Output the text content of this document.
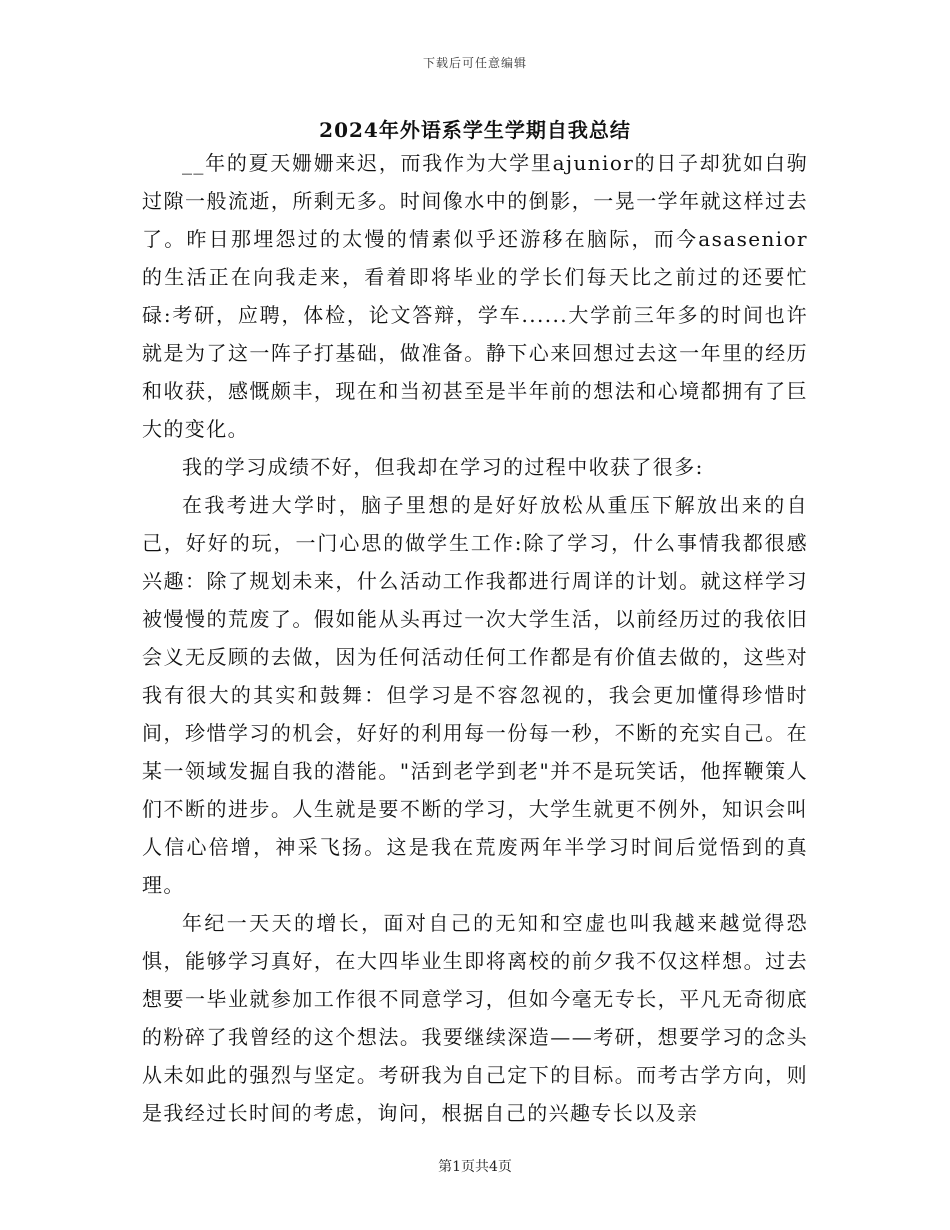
下载后可任意编辑
2024年外语系学生学期自我总结

__年的夏天姗姗来迟，而我作为大学里ajunior的日子却犹如白驹过隙一般流逝，所剩无多。时间像水中的倒影，一晃一学年就这样过去了。昨日那埋怨过的太慢的情素似乎还游移在脑际，而今asasenior的生活正在向我走来，看着即将毕业的学长们每天比之前过的还要忙碌:考研，应聘，体检，论文答辩，学车......大学前三年多的时间也许就是为了这一阵子打基础，做准备。静下心来回想过去这一年里的经历和收获，感慨颇丰，现在和当初甚至是半年前的想法和心境都拥有了巨大的变化。

我的学习成绩不好，但我却在学习的过程中收获了很多:

在我考进大学时，脑子里想的是好好放松从重压下解放出来的自己，好好的玩，一门心思的做学生工作:除了学习，什么事情我都很感兴趣：除了规划未来，什么活动工作我都进行周详的计划。就这样学习被慢慢的荒废了。假如能从头再过一次大学生活，以前经历过的我依旧会义无反顾的去做，因为任何活动任何工作都是有价值去做的，这些对我有很大的其实和鼓舞：但学习是不容忽视的，我会更加懂得珍惜时间，珍惜学习的机会，好好的利用每一份每一秒，不断的充实自己。在某一领域发掘自我的潜能。"活到老学到老"并不是玩笑话，他挥鞭策人们不断的进步。人生就是要不断的学习，大学生就更不例外，知识会叫人信心倍增，神采飞扬。这是我在荒废两年半学习时间后觉悟到的真理。

年纪一天天的增长，面对自己的无知和空虚也叫我越来越觉得恐惧，能够学习真好，在大四毕业生即将离校的前夕我不仅这样想。过去想要一毕业就参加工作很不同意学习，但如今毫无专长，平凡无奇彻底的粉碎了我曾经的这个想法。我要继续深造——考研，想要学习的念头从未如此的强烈与坚定。考研我为自己定下的目标。而考古学方向，则是我经过长时间的考虑，询问，根据自己的兴趣专长以及亲

第1页共4页
